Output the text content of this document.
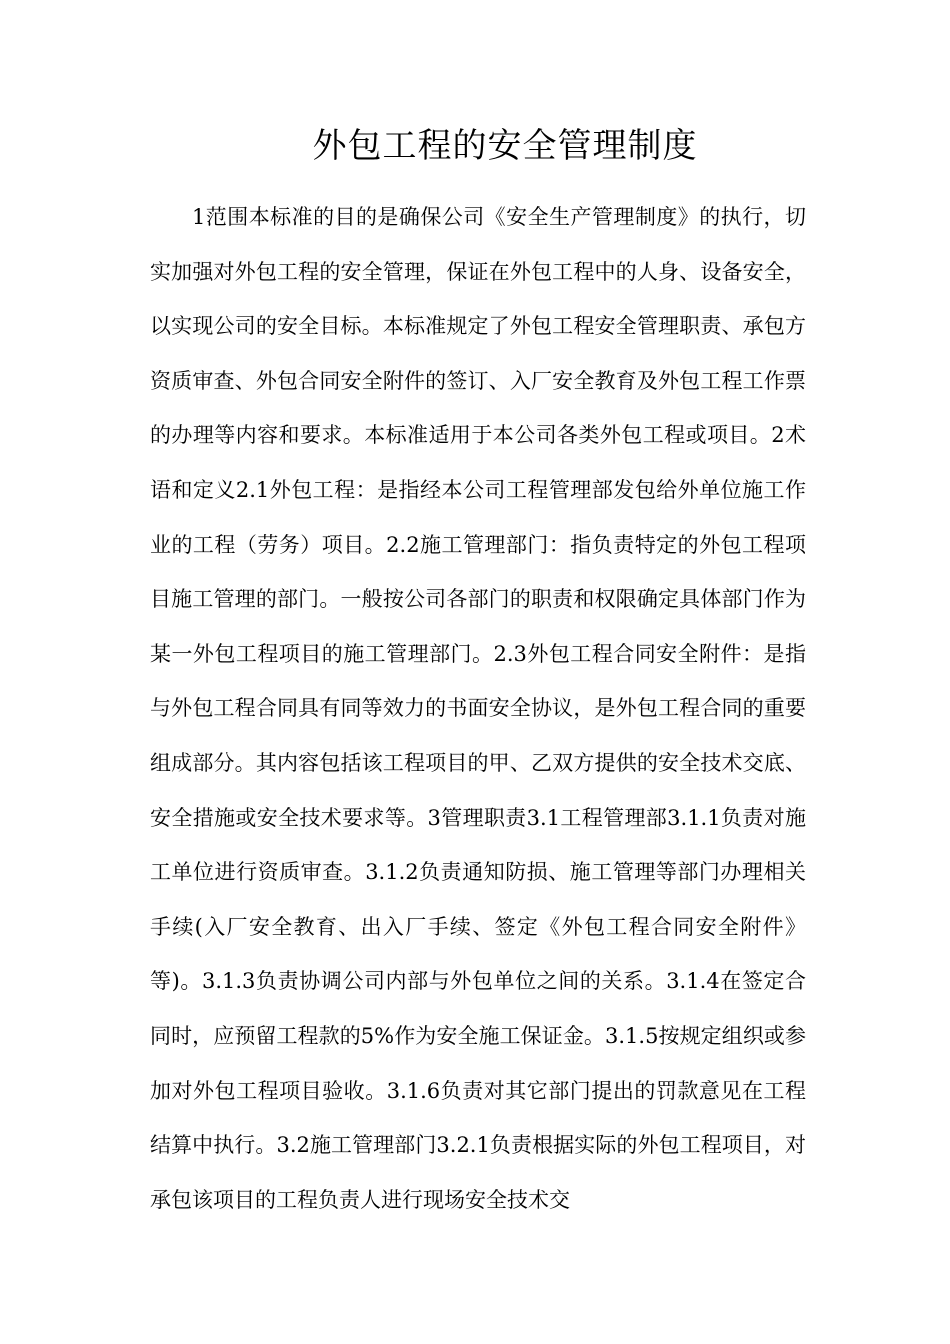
外包工程的安全管理制度

1范围本标准的目的是确保公司《安全生产管理制度》的执行，切实加强对外包工程的安全管理，保证在外包工程中的人身、设备安全，以实现公司的安全目标。本标准规定了外包工程安全管理职责、承包方资质审查、外包合同安全附件的签订、入厂安全教育及外包工程工作票的办理等内容和要求。本标准适用于本公司各类外包工程或项目。2术语和定义2.1外包工程：是指经本公司工程管理部发包给外单位施工作业的工程（劳务）项目。2.2施工管理部门：指负责特定的外包工程项目施工管理的部门。一般按公司各部门的职责和权限确定具体部门作为某一外包工程项目的施工管理部门。2.3外包工程合同安全附件：是指与外包工程合同具有同等效力的书面安全协议，是外包工程合同的重要组成部分。其内容包括该工程项目的甲、乙双方提供的安全技术交底、安全措施或安全技术要求等。3管理职责3.1工程管理部3.1.1负责对施工单位进行资质审查。3.1.2负责通知防损、施工管理等部门办理相关手续(入厂安全教育、出入厂手续、签定《外包工程合同安全附件》等)。3.1.3负责协调公司内部与外包单位之间的关系。3.1.4在签定合同时，应预留工程款的5%作为安全施工保证金。3.1.5按规定组织或参加对外包工程项目验收。3.1.6负责对其它部门提出的罚款意见在工程结算中执行。3.2施工管理部门3.2.1负责根据实际的外包工程项目，对承包该项目的工程负责人进行现场安全技术交
